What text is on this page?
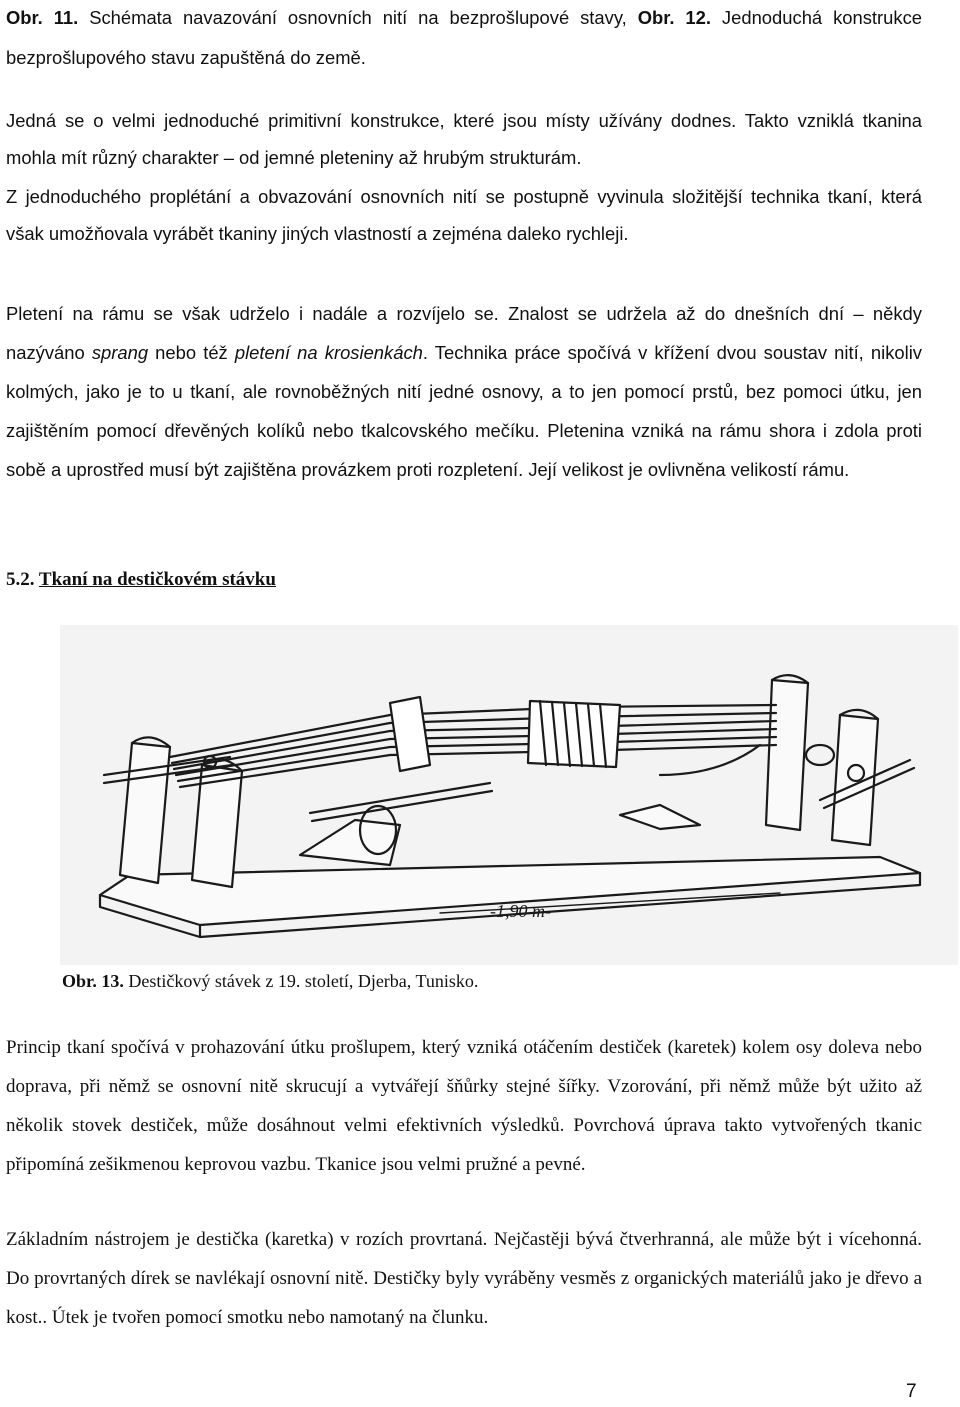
Obr. 11. Schémata navazování osnovních nití na bezprošlupové stavy, Obr. 12. Jednoduchá konstrukce bezprošlupového stavu zapuštěná do země.

Jedná se o velmi jednoduché primitivní konstrukce, které jsou místy užívány dodnes. Takto vzniklá tkanina mohla mít různý charakter – od jemné pleteniny až hrubým strukturám.

Z jednoduchého proplétání a obvazování osnovních nití se postupně vyvinula složitější technika tkaní, která však umožňovala vyrábět tkaniny jiných vlastností a zejména daleko rychleji.

Pletení na rámu se však udrželo i nadále a rozvíjelo se. Znalost se udržela až do dnešních dní – někdy nazýváno sprang nebo též pletení na krosienkách. Technika práce spočívá v křížení dvou soustav nití, nikoliv kolmých, jako je to u tkaní, ale rovnoběžných nití jedné osnovy, a to jen pomocí prstů, bez pomoci útku, jen zajištěním pomocí dřevěných kolíků nebo tkalcovského mečíku. Pletenina vzniká na rámu shora i zdola proti sobě a uprostřed musí být zajištěna provázkem proti rozpletení. Její velikost je ovlivněna velikostí rámu.

5.2. Tkaní na destičkovém stávku
-1,90 m-

Obr. 13. Destičkový stávek z 19. století, Djerba, Tunisko.

Princip tkaní spočívá v prohazování útku prošlupem, který vzniká otáčením destiček (karetek) kolem osy doleva nebo doprava, při němž se osnovní nitě skrucují a vytvářejí šňůrky stejné šířky. Vzorování, při němž může být užito až několik stovek destiček, může dosáhnout velmi efektivních výsledků. Povrchová úprava takto vytvořených tkanic připomíná zešikmenou keprovou vazbu. Tkanice jsou velmi pružné a pevné.

Základním nástrojem je destička (karetka) v rozích provrtaná. Nejčastěji bývá čtverhranná, ale může být i vícehonná. Do provrtaných dírek se navlékají osnovní nitě. Destičky byly vyráběny vesměs z organických materiálů jako je dřevo a kost.. Útek je tvořen pomocí smotku nebo namotaný na člunku.

7
